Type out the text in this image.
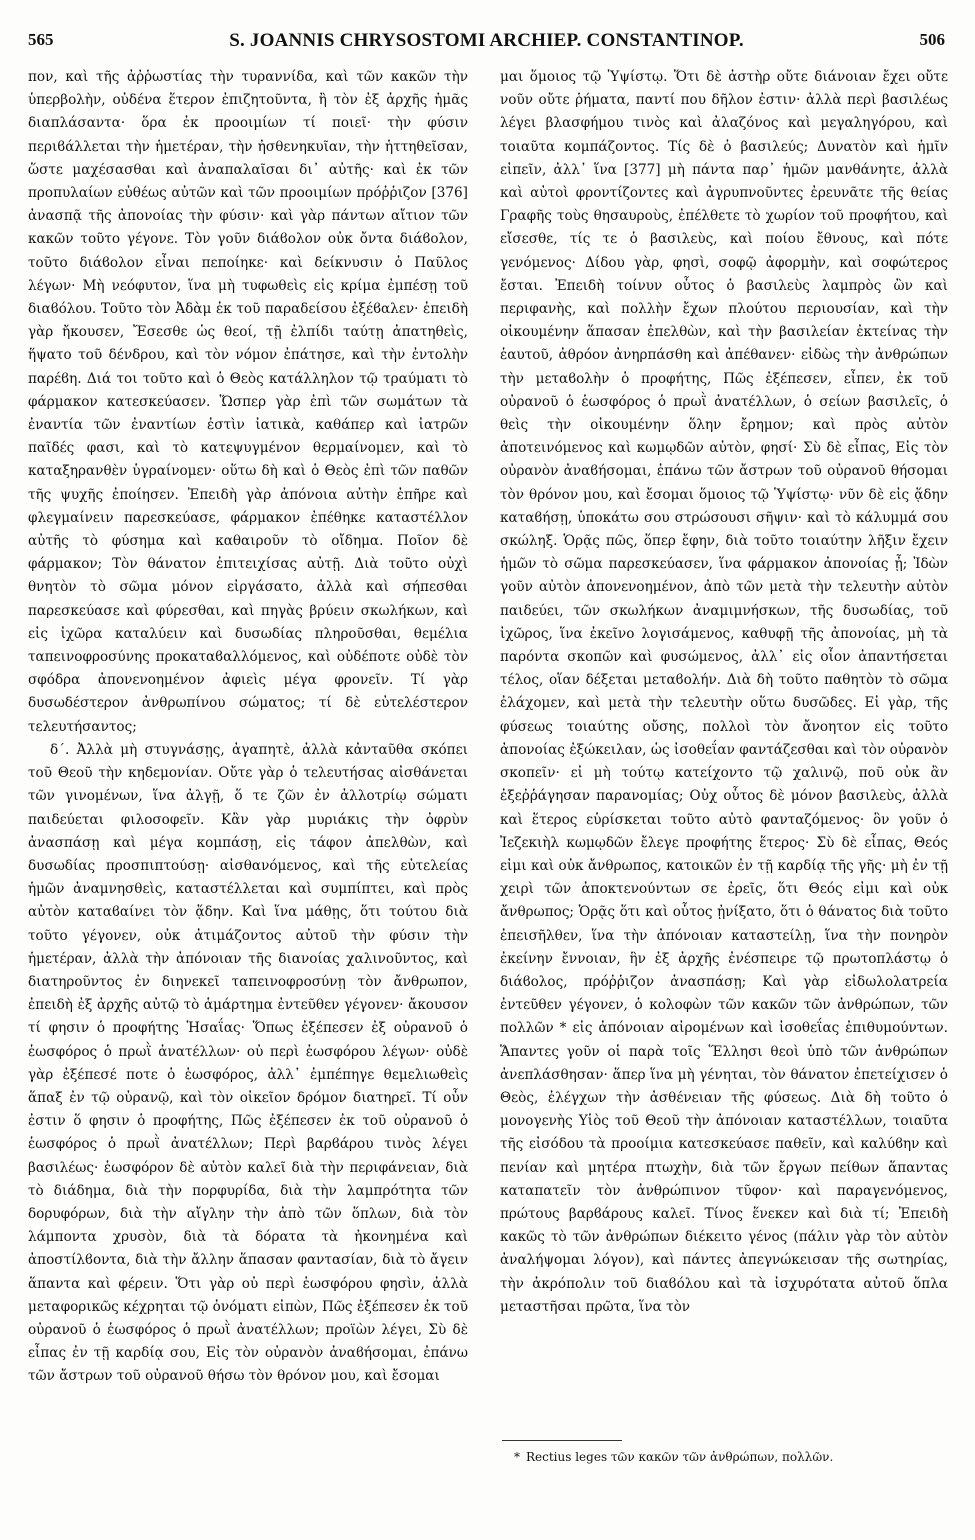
565	S. JOANNIS CHRYSOSTOMI ARCHIEP. CONSTANTINOP.	506

πον, καὶ τῆς ἀῤῥωστίας τὴν τυραννίδα, καὶ τῶν κακῶν τὴν ὑπερβολὴν, οὐδένα ἕτερον ἐπιζητοῦντα, ἢ τὸν ἐξ ἀρχῆς ἡμᾶς διαπλάσαντα· ὅρα ἐκ προοιμίων τί ποιεῖ· τὴν φύσιν περιϐάλλεται τὴν ἡμετέραν, τὴν ἠσθενηκυῖαν, τὴν ἡττηθεῖσαν, ὥστε μαχέσασθαι καὶ ἀναπαλαῖσαι δι᾽ αὐτῆς· καὶ ἐκ τῶν προπυλαίων εὐθέως αὐτῶν καὶ τῶν προοιμίων πρόῤῥιζον [376] ἀνασπᾷ τῆς ἀπονοίας τὴν φύσιν· καὶ γὰρ πάντων αἴτιον τῶν κακῶν τοῦτο γέγονε. Τὸν γοῦν διάϐολον οὐκ ὄντα διάϐολον, τοῦτο διάϐολον εἶναι πεποίηκε· καὶ δείκνυσιν ὁ Παῦλος λέγων· Μὴ νεόφυτον, ἵνα μὴ τυφωθεὶς εἰς κρίμα ἐμπέσῃ τοῦ διαϐόλου. Τοῦτο τὸν Ἀδὰμ ἐκ τοῦ παραδείσου ἐξέϐαλεν· ἐπειδὴ γὰρ ἤκουσεν, Ἔσεσθε ὡς θεοί, τῇ ἐλπίδι ταύτῃ ἀπατηθεὶς, ἥψατο τοῦ δένδρου, καὶ τὸν νόμον ἐπάτησε, καὶ τὴν ἐντολὴν παρέϐη. Διά τοι τοῦτο καὶ ὁ Θεὸς κατάλληλον τῷ τραύματι τὸ φάρμακον κατεσκεύασεν. Ὥσπερ γὰρ ἐπὶ τῶν σωμάτων τὰ ἐναντία τῶν ἐναντίων ἐστὶν ἰατικὰ, καθάπερ καὶ ἰατρῶν παῖδές φασι, καὶ τὸ κατεψυγμένον θερμαίνομεν, καὶ τὸ καταξηρανθὲν ὑγραίνομεν· οὕτω δὴ καὶ ὁ Θεὸς ἐπὶ τῶν παθῶν τῆς ψυχῆς ἐποίησεν. Ἐπειδὴ γὰρ ἀπόνοια αὐτὴν ἐπῆρε καὶ φλεγμαίνειν παρεσκεύασε, φάρμακον ἐπέθηκε καταστέλλον αὐτῆς τὸ φύσημα καὶ καθαιροῦν τὸ οἴδημα. Ποῖον δὲ φάρμακον; Τὸν θάνατον ἐπιτειχίσας αὐτῇ. Διὰ τοῦτο οὐχὶ θνητὸν τὸ σῶμα μόνον εἰργάσατο, ἀλλὰ καὶ σήπεσθαι παρεσκεύασε καὶ φύρεσθαι, καὶ πηγὰς βρύειν σκωλήκων, καὶ εἰς ἰχῶρα καταλύειν καὶ δυσωδίας πληροῦσθαι, θεμέλια ταπεινοφροσύνης προκαταϐαλλόμενος, καὶ οὐδέποτε οὐδὲ τὸν σφόδρα ἀπονενοημένον ἀφιεὶς μέγα φρονεῖν. Τί γὰρ δυσωδέστερον ἀνθρωπίνου σώματος; τί δὲ εὐτελέστερον τελευτήσαντος;

δ΄. Ἀλλὰ μὴ στυγνάσῃς, ἀγαπητὲ, ἀλλὰ κἀνταῦθα σκόπει τοῦ Θεοῦ τὴν κηδεμονίαν. Οὔτε γὰρ ὁ τελευτήσας αἰσθάνεται τῶν γινομένων, ἵνα ἀλγῇ, ὅ τε ζῶν ἐν ἀλλοτρίῳ σώματι παιδεύεται φιλοσοφεῖν. Κἂν γὰρ μυριάκις τὴν ὀφρὺν ἀνασπάσῃ καὶ μέγα κομπάσῃ, εἰς τάφον ἀπελθὼν, καὶ δυσωδίας προσπιπτούσῃ· αἰσθανόμενος, καὶ τῆς εὐτελείας ἡμῶν ἀναμνησθεὶς, καταστέλλεται καὶ συμπίπτει, καὶ πρὸς αὐτὸν καταϐαίνει τὸν ᾅδην. Καὶ ἵνα μάθῃς, ὅτι τούτου διὰ τοῦτο γέγονεν, οὐκ ἀτιμάζοντος αὐτοῦ τὴν φύσιν τὴν ἡμετέραν, ἀλλὰ τὴν ἀπόνοιαν τῆς διανοίας χαλινοῦντος, καὶ διατηροῦντος ἐν διηνεκεῖ ταπεινοφροσύνῃ τὸν ἄνθρωπον, ἐπειδὴ ἐξ ἀρχῆς αὐτῷ τὸ ἁμάρτημα ἐντεῦθεν γέγονεν· ἄκουσον τί φησιν ὁ προφήτης Ἡσαΐας· Ὅπως ἐξέπεσεν ἐξ οὐρανοῦ ὁ ἑωσφόρος ὁ πρωῒ ἀνατέλλων· οὐ περὶ ἑωσφόρου λέγων· οὐδὲ γὰρ ἐξέπεσέ ποτε ὁ ἑωσφόρος, ἀλλ᾽ ἐμπέπηγε θεμελιωθεὶς ἅπαξ ἐν τῷ οὐρανῷ, καὶ τὸν οἰκεῖον δρόμον διατηρεῖ. Τί οὖν ἐστιν ὅ φησιν ὁ προφήτης, Πῶς ἐξέπεσεν ἐκ τοῦ οὐρανοῦ ὁ ἑωσφόρος ὁ πρωῒ ἀνατέλλων; Περὶ βαρϐάρου τινὸς λέγει βασιλέως· ἑωσφόρον δὲ αὐτὸν καλεῖ διὰ τὴν περιφάνειαν, διὰ τὸ διάδημα, διὰ τὴν πορφυρίδα, διὰ τὴν λαμπρότητα τῶν δορυφόρων, διὰ τὴν αἴγλην τὴν ἀπὸ τῶν ὅπλων, διὰ τὸν λάμποντα χρυσὸν, διὰ τὰ δόρατα τὰ ἠκονημένα καὶ ἀποστίλϐοντα, διὰ τὴν ἄλλην ἅπασαν φαντασίαν, διὰ τὸ ἄγειν ἅπαντα καὶ φέρειν. Ὅτι γὰρ οὐ περὶ ἑωσφόρου φησὶν, ἀλλὰ μεταφορικῶς κέχρηται τῷ ὀνόματι εἰπὼν, Πῶς ἐξέπεσεν ἐκ τοῦ οὐρανοῦ ὁ ἑωσφόρος ὁ πρωῒ ἀνατέλλων; προϊὼν λέγει, Σὺ δὲ εἶπας ἐν τῇ καρδίᾳ σου, Εἰς τὸν οὐρανὸν ἀναϐήσομαι, ἐπάνω τῶν ἄστρων τοῦ οὐρανοῦ θήσω τὸν θρόνον μου, καὶ ἔσομαι

μαι ὅμοιος τῷ Ὑψίστῳ. Ὅτι δὲ ἀστὴρ οὔτε διάνοιαν ἔχει οὔτε νοῦν οὔτε ῥήματα, παντί που δῆλον ἐστιν· ἀλλὰ περὶ βασιλέως λέγει βλασφήμου τινὸς καὶ ἀλαζόνος καὶ μεγαληγόρου, καὶ τοιαῦτα κομπάζοντος. Τίς δὲ ὁ βασιλεύς; Δυνατὸν καὶ ἡμῖν εἰπεῖν, ἀλλ᾽ ἵνα [377] μὴ πάντα παρ᾽ ἡμῶν μανθάνητε, ἀλλὰ καὶ αὐτοὶ φροντίζοντες καὶ ἀγρυπνοῦντες ἐρευνᾶτε τῆς θείας Γραφῆς τοὺς θησαυροὺς, ἐπέλθετε τὸ χωρίον τοῦ προφήτου, καὶ εἴσεσθε, τίς τε ὁ βασιλεὺς, καὶ ποίου ἔθνους, καὶ πότε γενόμενος· Δίδου γὰρ, φησὶ, σοφῷ ἀφορμὴν, καὶ σοφώτερος ἔσται. Ἐπειδὴ τοίνυν οὗτος ὁ βασιλεὺς λαμπρὸς ὢν καὶ περιφανὴς, καὶ πολλὴν ἔχων πλούτου περιουσίαν, καὶ τὴν οἰκουμένην ἅπασαν ἐπελθὼν, καὶ τὴν βασιλείαν ἐκτείνας τὴν ἑαυτοῦ, ἀθρόον ἀνηρπάσθη καὶ ἀπέθανεν· εἰδὼς τὴν ἀνθρώπων τὴν μεταϐολὴν ὁ προφήτης, Πῶς ἐξέπεσεν, εἶπεν, ἐκ τοῦ οὐρανοῦ ὁ ἑωσφόρος ὁ πρωῒ ἀνατέλλων, ὁ σείων βασιλεῖς, ὁ θεὶς τὴν οἰκουμένην ὅλην ἔρημον; καὶ πρὸς αὐτὸν ἀποτεινόμενος καὶ κωμῳδῶν αὐτὸν, φησί· Σὺ δὲ εἶπας, Εἰς τὸν οὐρανὸν ἀναϐήσομαι, ἐπάνω τῶν ἄστρων τοῦ οὐρανοῦ θήσομαι τὸν θρόνον μου, καὶ ἔσομαι ὅμοιος τῷ Ὑψίστῳ· νῦν δὲ εἰς ᾅδην καταϐήσῃ, ὑποκάτω σου στρώσουσι σῆψιν· καὶ τὸ κάλυμμά σου σκώληξ. Ὁρᾷς πῶς, ὅπερ ἔφην, διὰ τοῦτο τοιαύτην λῆξιν ἔχειν ἡμῶν τὸ σῶμα παρεσκεύασεν, ἵνα φάρμακον ἀπονοίας ᾖ; Ἰδὼν γοῦν αὐτὸν ἀπονενοημένον, ἀπὸ τῶν μετὰ τὴν τελευτὴν αὐτὸν παιδεύει, τῶν σκωλήκων ἀναμιμνήσκων, τῆς δυσωδίας, τοῦ ἰχῶρος, ἵνα ἐκεῖνο λογισάμενος, καθυφῇ τῆς ἀπονοίας, μὴ τὰ παρόντα σκοπῶν καὶ φυσώμενος, ἀλλ᾽ εἰς οἷον ἀπαντήσεται τέλος, οἵαν δέξεται μεταϐολήν. Διὰ δὴ τοῦτο παθητὸν τὸ σῶμα ἐλάχομεν, καὶ μετὰ τὴν τελευτὴν οὕτω δυσῶδες. Εἰ γὰρ, τῆς φύσεως τοιαύτης οὔσης, πολλοὶ τὸν ἄνοητον εἰς τοῦτο ἀπονοίας ἐξώκειλαν, ὡς ἰσοθεΐαν φαντάζεσθαι καὶ τὸν οὐρανὸν σκοπεῖν· εἰ μὴ τούτῳ κατείχοντο τῷ χαλινῷ, ποῦ οὐκ ἂν ἐξεῤῥάγησαν παρανομίας; Οὐχ οὗτος δὲ μόνον βασιλεὺς, ἀλλὰ καὶ ἕτερος εὑρίσκεται τοῦτο αὐτὸ φανταζόμενος· ὃν γοῦν ὁ Ἰεζεκιὴλ κωμῳδῶν ἔλεγε προφήτης ἕτερος· Σὺ δὲ εἶπας, Θεός εἰμι καὶ οὐκ ἄνθρωπος, κατοικῶν ἐν τῇ καρδίᾳ τῆς γῆς· μὴ ἐν τῇ χειρὶ τῶν ἀποκτενούντων σε ἐρεῖς, ὅτι Θεός εἰμι καὶ οὐκ ἄνθρωπος; Ὁρᾷς ὅτι καὶ οὗτος ᾐνίξατο, ὅτι ὁ θάνατος διὰ τοῦτο ἐπεισῆλθεν, ἵνα τὴν ἀπόνοιαν καταστείλῃ, ἵνα τὴν πονηρὸν ἐκείνην ἔννοιαν, ἣν ἐξ ἀρχῆς ἐνέσπειρε τῷ πρωτοπλάστῳ ὁ διάϐολος, πρόῤῥιζον ἀνασπάσῃ; Καὶ γὰρ εἰδωλολατρεία ἐντεῦθεν γέγονεν, ὁ κολοφὼν τῶν κακῶν τῶν ἀνθρώπων, τῶν πολλῶν * εἰς ἀπόνοιαν αἰρομένων καὶ ἰσοθεΐας ἐπιθυμούντων. Ἅπαντες γοῦν οἱ παρὰ τοῖς Ἕλλησι θεοὶ ὑπὸ τῶν ἀνθρώπων ἀνεπλάσθησαν· ἅπερ ἵνα μὴ γένηται, τὸν θάνατον ἐπετείχισεν ὁ Θεὸς, ἐλέγχων τὴν ἀσθένειαν τῆς φύσεως. Διὰ δὴ τοῦτο ὁ μονογενὴς Υἱὸς τοῦ Θεοῦ τὴν ἀπόνοιαν καταστέλλων, τοιαῦτα τῆς εἰσόδου τὰ προοίμια κατεσκεύασε παθεῖν, καὶ καλύϐην καὶ πενίαν καὶ μητέρα πτωχὴν, διὰ τῶν ἔργων πείθων ἅπαντας καταπατεῖν τὸν ἀνθρώπινον τῦφον· καὶ παραγενόμενος, πρώτους βαρϐάρους καλεῖ. Τίνος ἕνεκεν καὶ διὰ τί; Ἐπειδὴ κακῶς τὸ τῶν ἀνθρώπων διέκειτο γένος (πάλιν γὰρ τὸν αὐτὸν ἀναλήψομαι λόγον), καὶ πάντες ἀπεγνώκεισαν τῆς σωτηρίας, τὴν ἀκρόπολιν τοῦ διαϐόλου καὶ τὰ ἰσχυρότατα αὐτοῦ ὅπλα μεταστῆσαι πρῶτα, ἵνα τὸν

* Rectius leges τῶν κακῶν τῶν ἀνθρώπων, πολλῶν.
